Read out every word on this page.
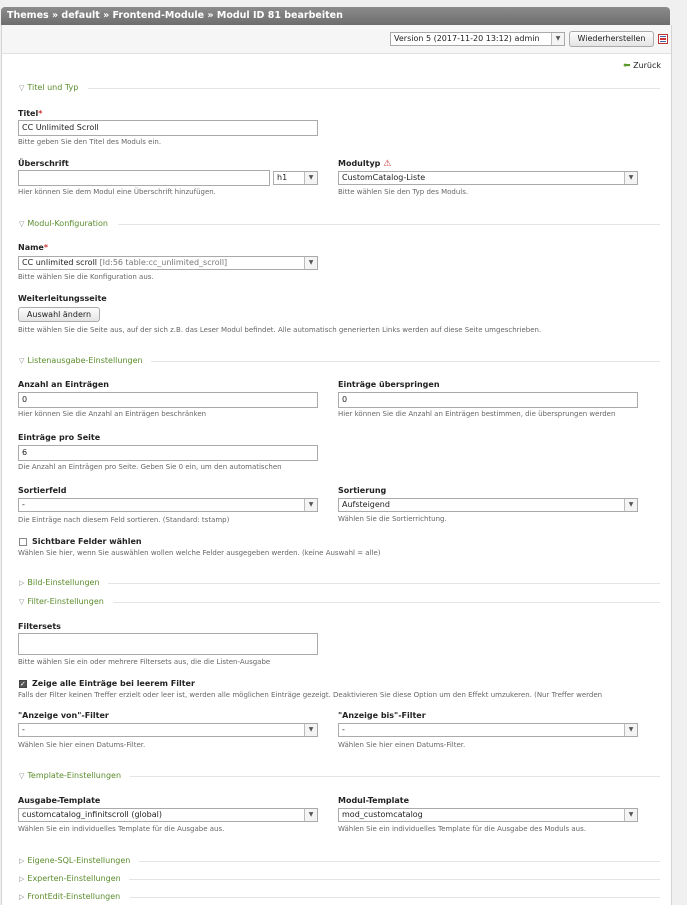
Themes » default » Frontend-Module » Modul ID 81 bearbeiten
Version 5 (2017-11-20 13:12) admin	▼	Wiederherstellen
⬅ Zurück
▽ Titel und Typ
Titel*
CC Unlimited Scroll
Bitte geben Sie den Titel des Moduls ein.
Überschrift
h1	▼
Hier können Sie dem Modul eine Überschrift hinzufügen.
Modultyp ⚠
CustomCatalog-Liste	▼
Bitte wählen Sie den Typ des Moduls.
▽ Modul-Konfiguration
Name*
CC unlimited scroll [Id:56 table:cc_unlimited_scroll]	▼
Bitte wählen Sie die Konfiguration aus.
Weiterleitungsseite
Auswahl ändern
Bitte wählen Sie die Seite aus, auf der sich z.B. das Leser Modul befindet. Alle automatisch generierten Links werden auf diese Seite umgeschrieben.
▽ Listenausgabe-Einstellungen
Anzahl an Einträgen
0
Hier können Sie die Anzahl an Einträgen beschränken
Einträge überspringen
0
Hier können Sie die Anzahl an Einträgen bestimmen, die übersprungen werden
Einträge pro Seite
6
Die Anzahl an Einträgen pro Seite. Geben Sie 0 ein, um den automatischen
Sortierfeld
-	▼
Die Einträge nach diesem Feld sortieren. (Standard: tstamp)
Sortierung
Aufsteigend	▼
Wählen Sie die Sortierrichtung.
Sichtbare Felder wählen
Wählen Sie hier, wenn Sie auswählen wollen welche Felder ausgegeben werden. (keine Auswahl = alle)
▷ Bild-Einstellungen
▽ Filter-Einstellungen
Filtersets
Bitte wählen Sie ein oder mehrere Filtersets aus, die die Listen-Ausgabe
✓
Zeige alle Einträge bei leerem Filter
Falls der Filter keinen Treffer erzielt oder leer ist, werden alle möglichen Einträge gezeigt. Deaktivieren Sie diese Option um den Effekt umzukeren. (Nur Treffer werden
"Anzeige von"-Filter
-	▼
Wählen Sie hier einen Datums-Filter.
"Anzeige bis"-Filter
-	▼
Wählen Sie hier einen Datums-Filter.
▽ Template-Einstellungen
Ausgabe-Template
customcatalog_infinitscroll (global)	▼
Wählen Sie ein individuelles Template für die Ausgabe aus.
Modul-Template
mod_customcatalog	▼
Wählen Sie ein individuelles Template für die Ausgabe des Moduls aus.
▷ Eigene-SQL-Einstellungen
▷ Experten-Einstellungen
▷ FrontEdit-Einstellungen
